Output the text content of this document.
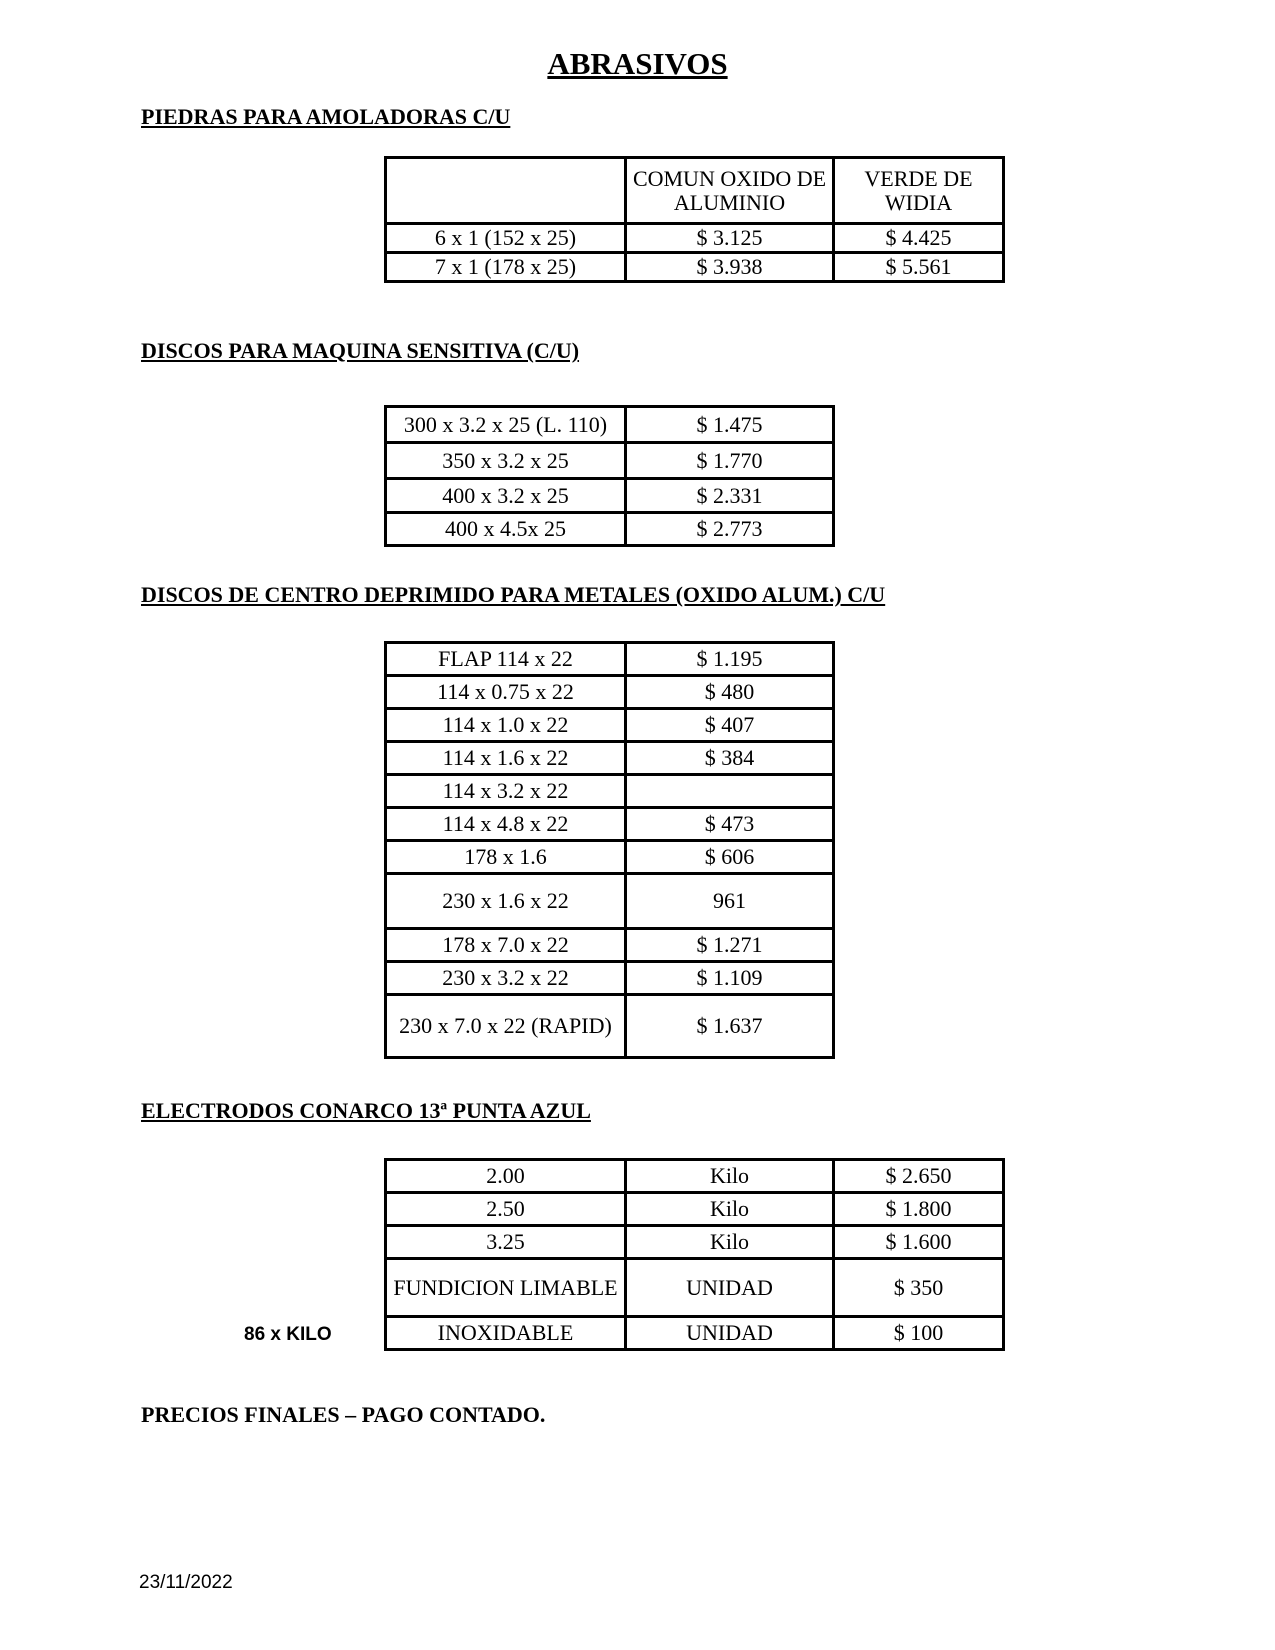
ABRASIVOS
PIEDRAS PARA AMOLADORAS C/U
	COMUN OXIDO DE ALUMINIO	VERDE DE WIDIA
6 x 1 (152 x 25)	$ 3.125	$ 4.425
7 x 1 (178 x 25)	$ 3.938	$ 5.561
DISCOS PARA MAQUINA SENSITIVA (C/U)
300 x 3.2 x 25 (L. 110)	$ 1.475
350 x 3.2 x 25	$ 1.770
400 x 3.2 x 25	$ 2.331
400 x 4.5x 25	$ 2.773
DISCOS DE CENTRO DEPRIMIDO PARA METALES (OXIDO ALUM.) C/U
FLAP 114 x 22	$ 1.195
114 x 0.75 x 22	$ 480
114 x 1.0 x 22	$ 407
114 x 1.6 x 22	$ 384
114 x 3.2 x 22	
114 x 4.8 x 22	$ 473
178 x 1.6	$ 606
230 x 1.6 x 22	961
178 x 7.0 x 22	$ 1.271
230 x 3.2 x 22	$ 1.109
230 x 7.0 x 22 (RAPID)	$ 1.637
ELECTRODOS CONARCO 13ª PUNTA AZUL
2.00	Kilo	$ 2.650
2.50	Kilo	$ 1.800
3.25	Kilo	$ 1.600
FUNDICION LIMABLE	UNIDAD	$ 350
INOXIDABLE	UNIDAD	$ 100
86 x KILO
PRECIOS FINALES – PAGO CONTADO.
23/11/2022
